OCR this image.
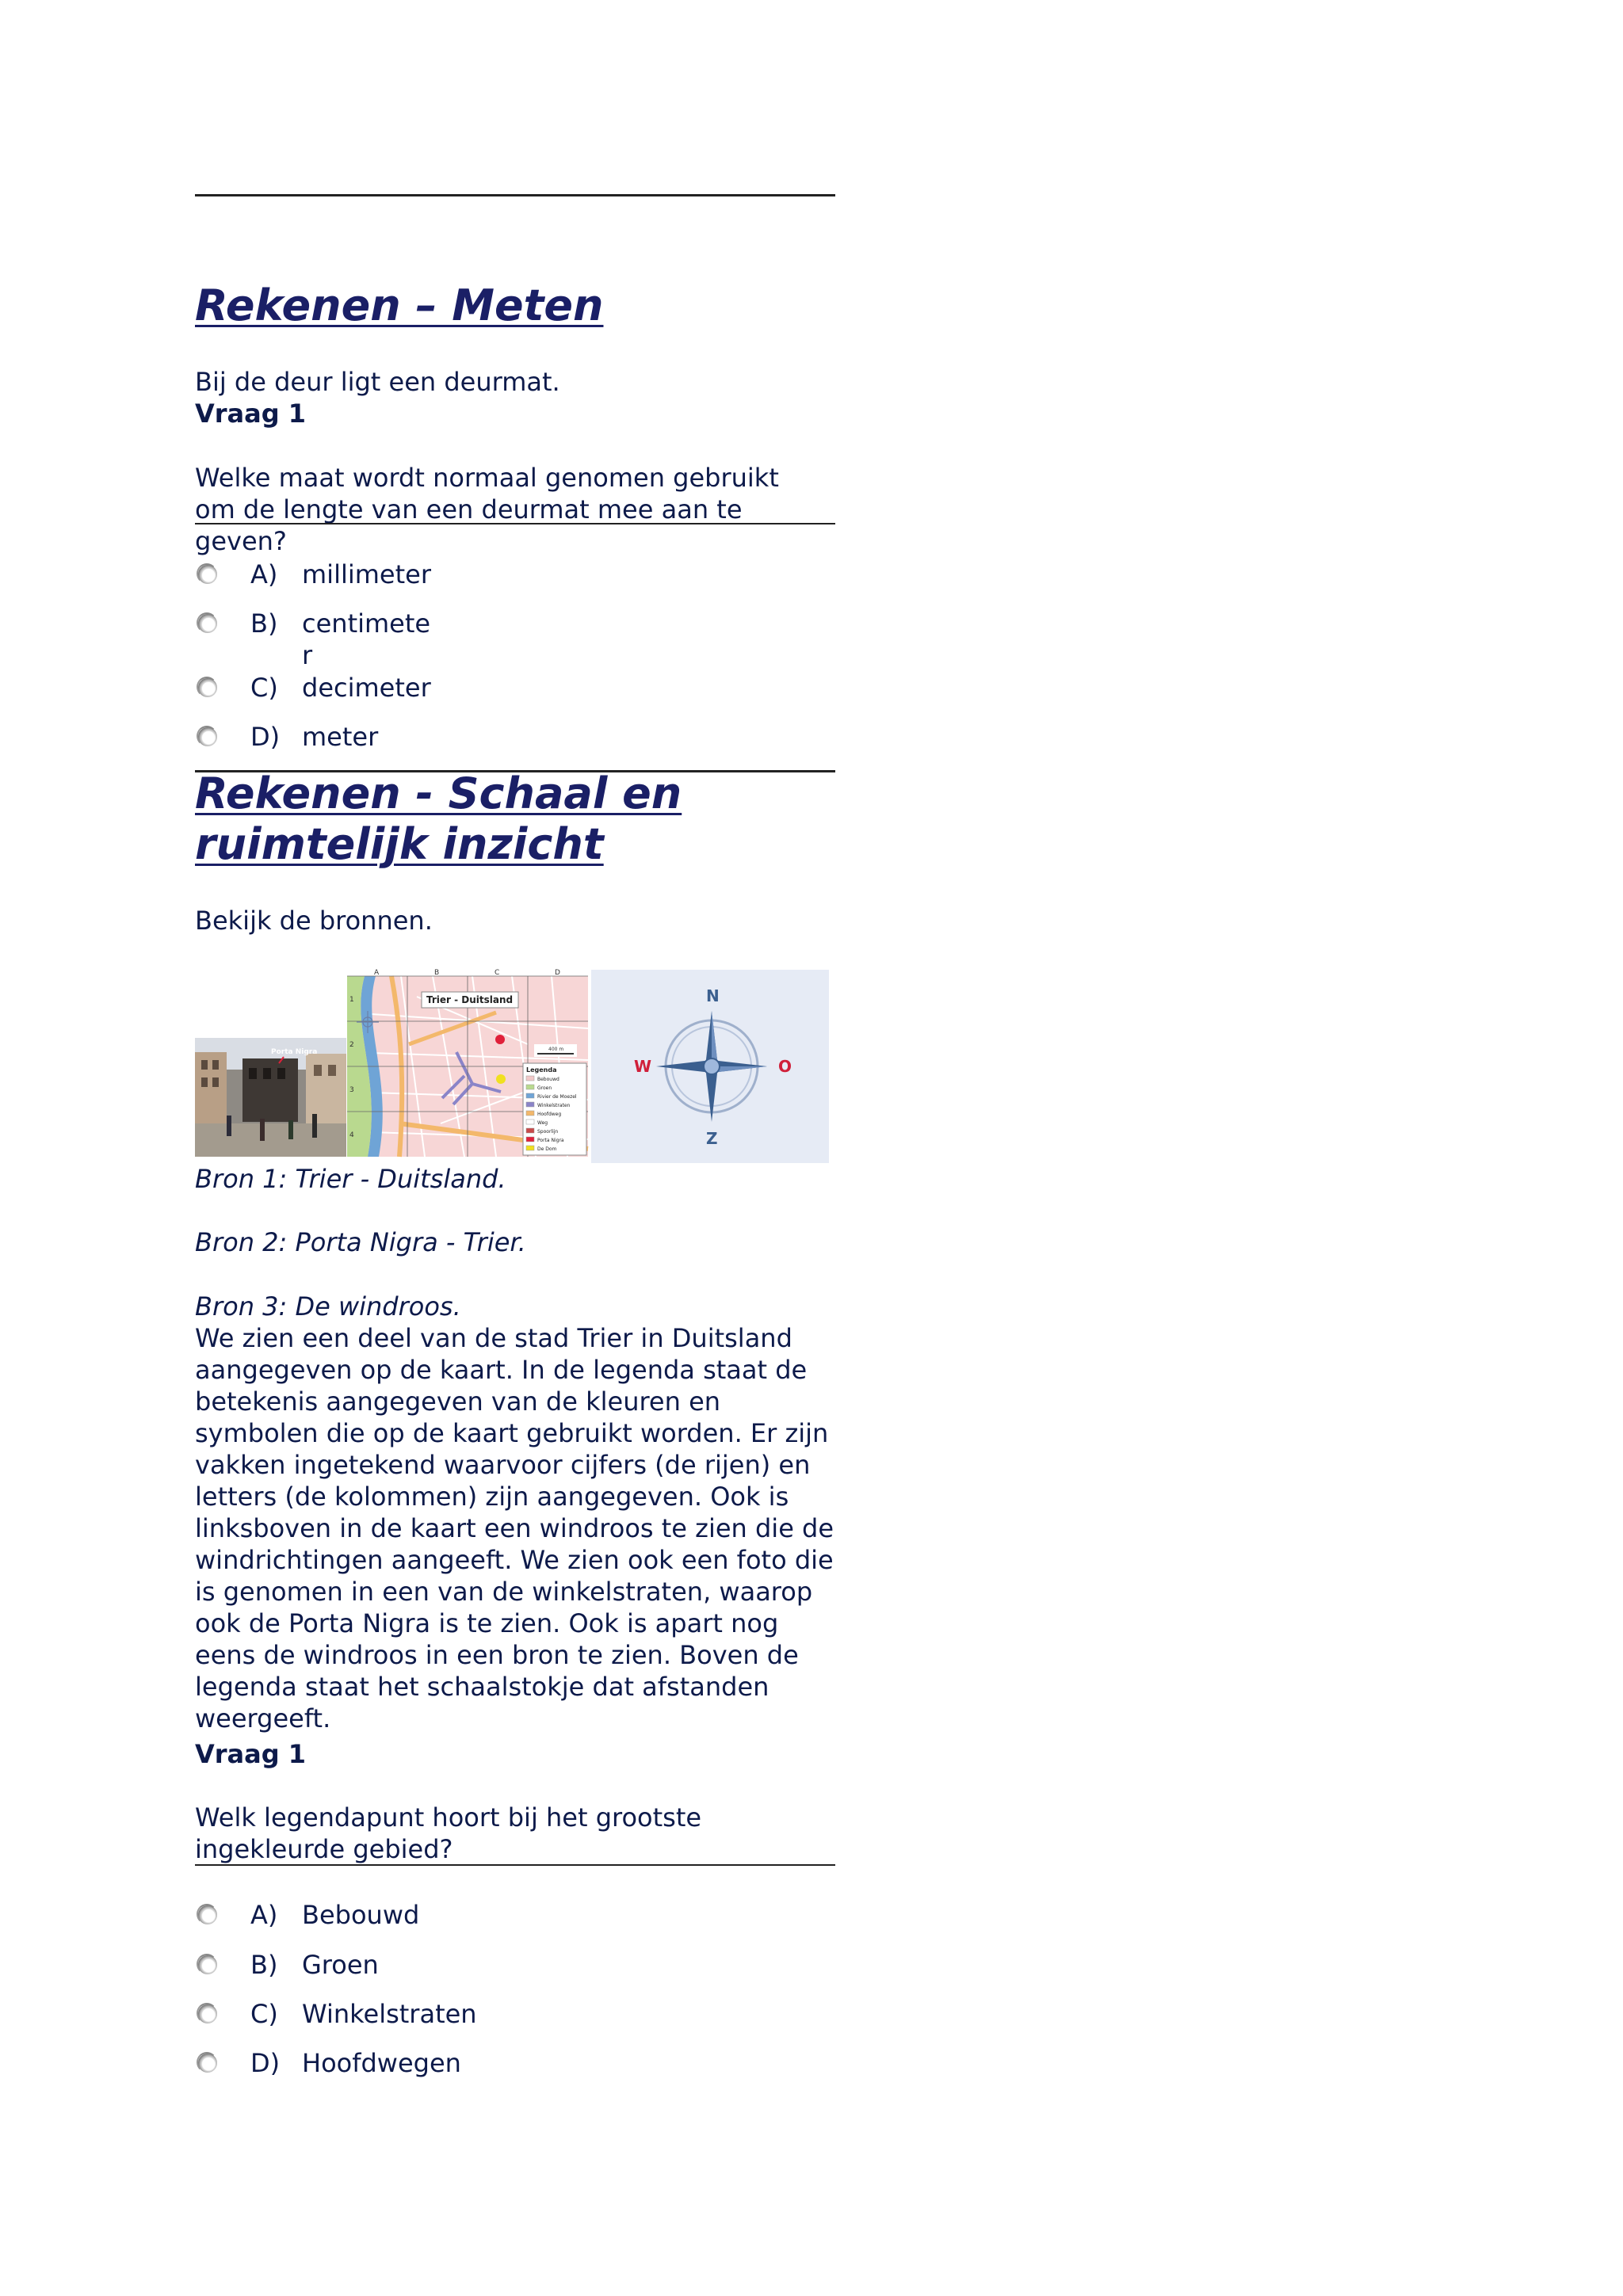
Rekenen – Meten
Bij de deur ligt een deurmat.
Vraag 1
Welke maat wordt normaal genomen gebruikt om de lengte van een deurmat mee aan te geven?
A) millimeter
B) centimeter
C) decimeter
D) meter
Rekenen - Schaal en ruimtelijk inzicht
Bekijk de bronnen.
Porta Nigra
A	B	C	D
1
2
3
4
Trier - Duitsland
400 m
Legenda
Bebouwd
Groen
Rivier de Moezel
Winkelstraten
Hoofdweg
Weg
Spoorlijn
Porta Nigra
De Dom
N
Z
W	O
Bron 1: Trier - Duitsland.
Bron 2: Porta Nigra - Trier.
Bron 3: De windroos.
We zien een deel van de stad Trier in Duitsland aangegeven op de kaart. In de legenda staat de betekenis aangegeven van de kleuren en symbolen die op de kaart gebruikt worden. Er zijn vakken ingetekend waarvoor cijfers (de rijen) en letters (de kolommen) zijn aangegeven. Ook is linksboven in de kaart een windroos te zien die de windrichtingen aangeeft. We zien ook een foto die is genomen in een van de winkelstraten, waarop ook de Porta Nigra is te zien. Ook is apart nog eens de windroos in een bron te zien. Boven de legenda staat het schaalstokje dat afstanden weergeeft.
Vraag 1
Welk legendapunt hoort bij het grootste ingekleurde gebied?
A) Bebouwd
B) Groen
C) Winkelstraten
D) Hoofdwegen
